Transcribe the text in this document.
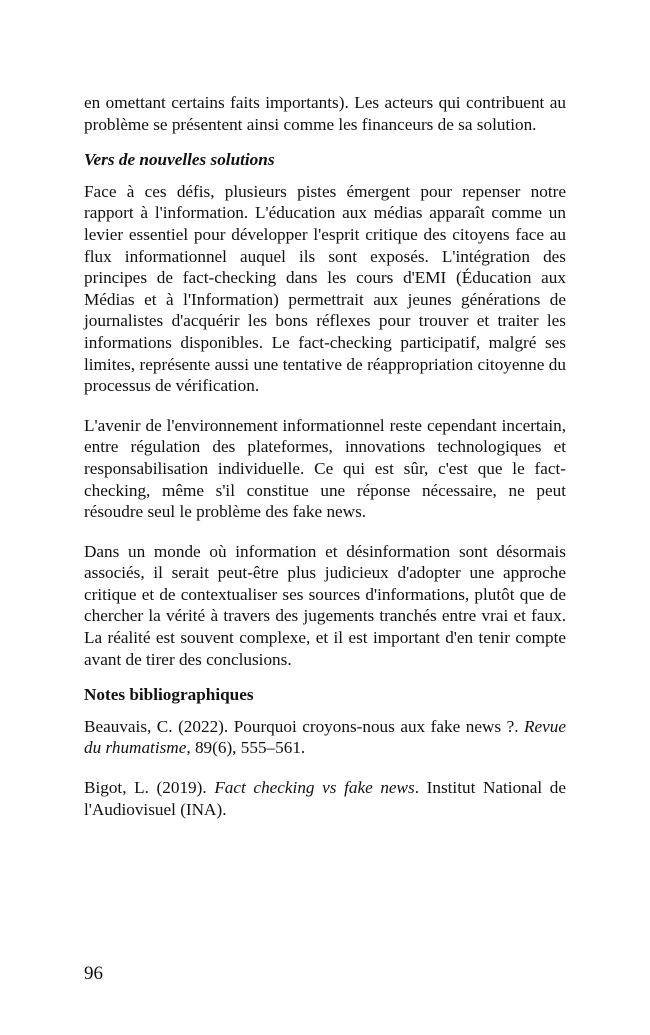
en omettant certains faits importants). Les acteurs qui contribuent au problème se présentent ainsi comme les financeurs de sa solution.

Vers de nouvelles solutions

Face à ces défis, plusieurs pistes émergent pour repenser notre rapport à l'information. L'éducation aux médias apparaît comme un levier essentiel pour développer l'esprit critique des citoyens face au flux informationnel auquel ils sont exposés. L'intégration des principes de fact-checking dans les cours d'EMI (Éducation aux Médias et à l'Information) permettrait aux jeunes générations de journalistes d'acquérir les bons réflexes pour trouver et traiter les informations disponibles. Le fact-checking participatif, malgré ses limites, représente aussi une tentative de réappropriation citoyenne du processus de vérification.

L'avenir de l'environnement informationnel reste cependant incertain, entre régulation des plateformes, innovations technologiques et responsabilisation individuelle. Ce qui est sûr, c'est que le fact-checking, même s'il constitue une réponse nécessaire, ne peut résoudre seul le problème des fake news.

Dans un monde où information et désinformation sont désormais associés, il serait peut-être plus judicieux d'adopter une approche critique et de contextualiser ses sources d'informations, plutôt que de chercher la vérité à travers des jugements tranchés entre vrai et faux. La réalité est souvent complexe, et il est important d'en tenir compte avant de tirer des conclusions.

Notes bibliographiques

Beauvais, C. (2022). Pourquoi croyons-nous aux fake news ?. Revue du rhumatisme, 89(6), 555–561.

Bigot, L. (2019). Fact checking vs fake news. Institut National de l'Audiovisuel (INA).

96
